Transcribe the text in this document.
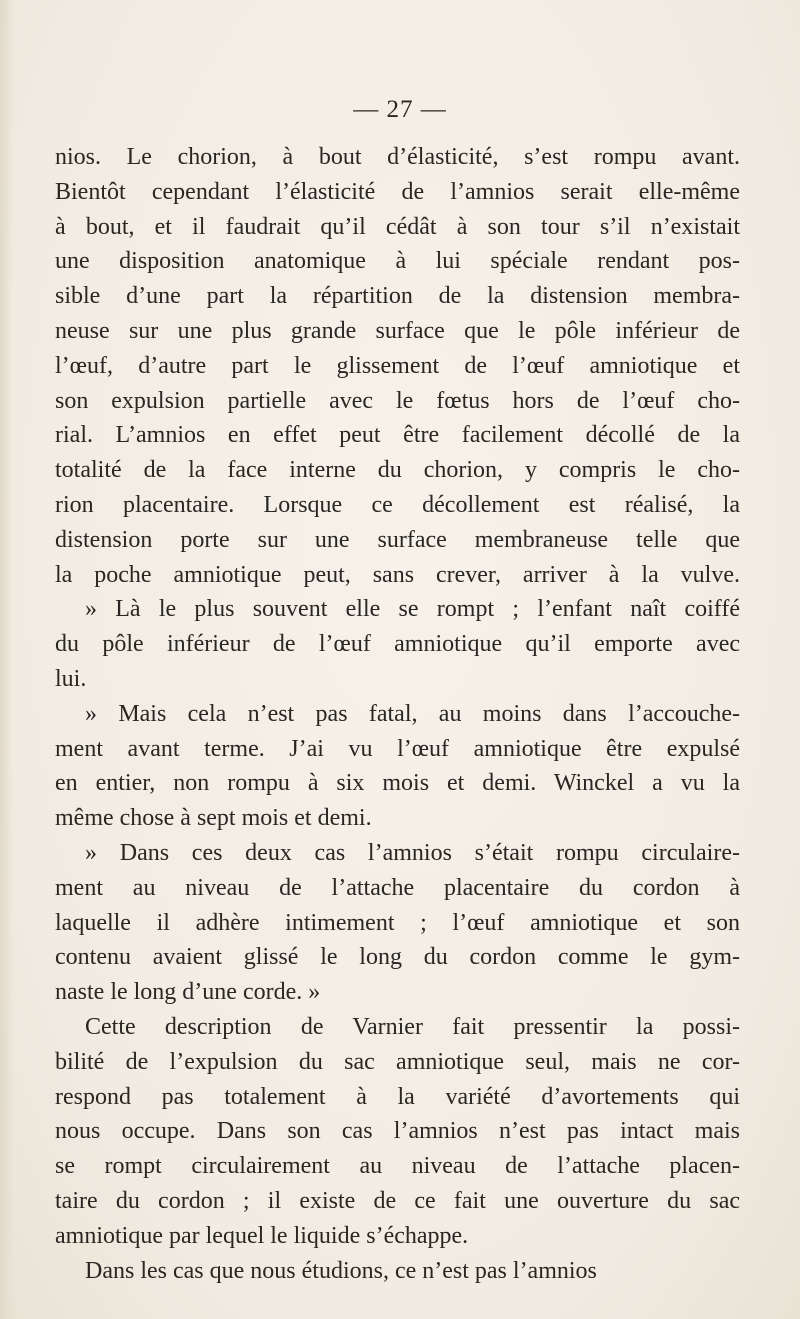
— 27 —
nios. Le chorion, à bout d’élasticité, s’est rompu avant.
Bientôt cependant l’élasticité de l’amnios serait elle-même
à bout, et il faudrait qu’il cédât à son tour s’il n’existait
une disposition anatomique à lui spéciale rendant pos-
sible d’une part la répartition de la distension membra-
neuse sur une plus grande surface que le pôle inférieur de
l’œuf, d’autre part le glissement de l’œuf amniotique et
son expulsion partielle avec le fœtus hors de l’œuf cho-
rial. L’amnios en effet peut être facilement décollé de la
totalité de la face interne du chorion, y compris le cho-
rion placentaire. Lorsque ce décollement est réalisé, la
distension porte sur une surface membraneuse telle que
la poche amniotique peut, sans crever, arriver à la vulve.
» Là le plus souvent elle se rompt ; l’enfant naît coiffé
du pôle inférieur de l’œuf amniotique qu’il emporte avec
lui.
» Mais cela n’est pas fatal, au moins dans l’accouche-
ment avant terme. J’ai vu l’œuf amniotique être expulsé
en entier, non rompu à six mois et demi. Winckel a vu la
même chose à sept mois et demi.
» Dans ces deux cas l’amnios s’était rompu circulaire-
ment au niveau de l’attache placentaire du cordon à
laquelle il adhère intimement ; l’œuf amniotique et son
contenu avaient glissé le long du cordon comme le gym-
naste le long d’une corde. »
Cette description de Varnier fait pressentir la possi-
bilité de l’expulsion du sac amniotique seul, mais ne cor-
respond pas totalement à la variété d’avortements qui
nous occupe. Dans son cas l’amnios n’est pas intact mais
se rompt circulairement au niveau de l’attache placen-
taire du cordon ; il existe de ce fait une ouverture du sac
amniotique par lequel le liquide s’échappe.
Dans les cas que nous étudions, ce n’est pas l’amnios
